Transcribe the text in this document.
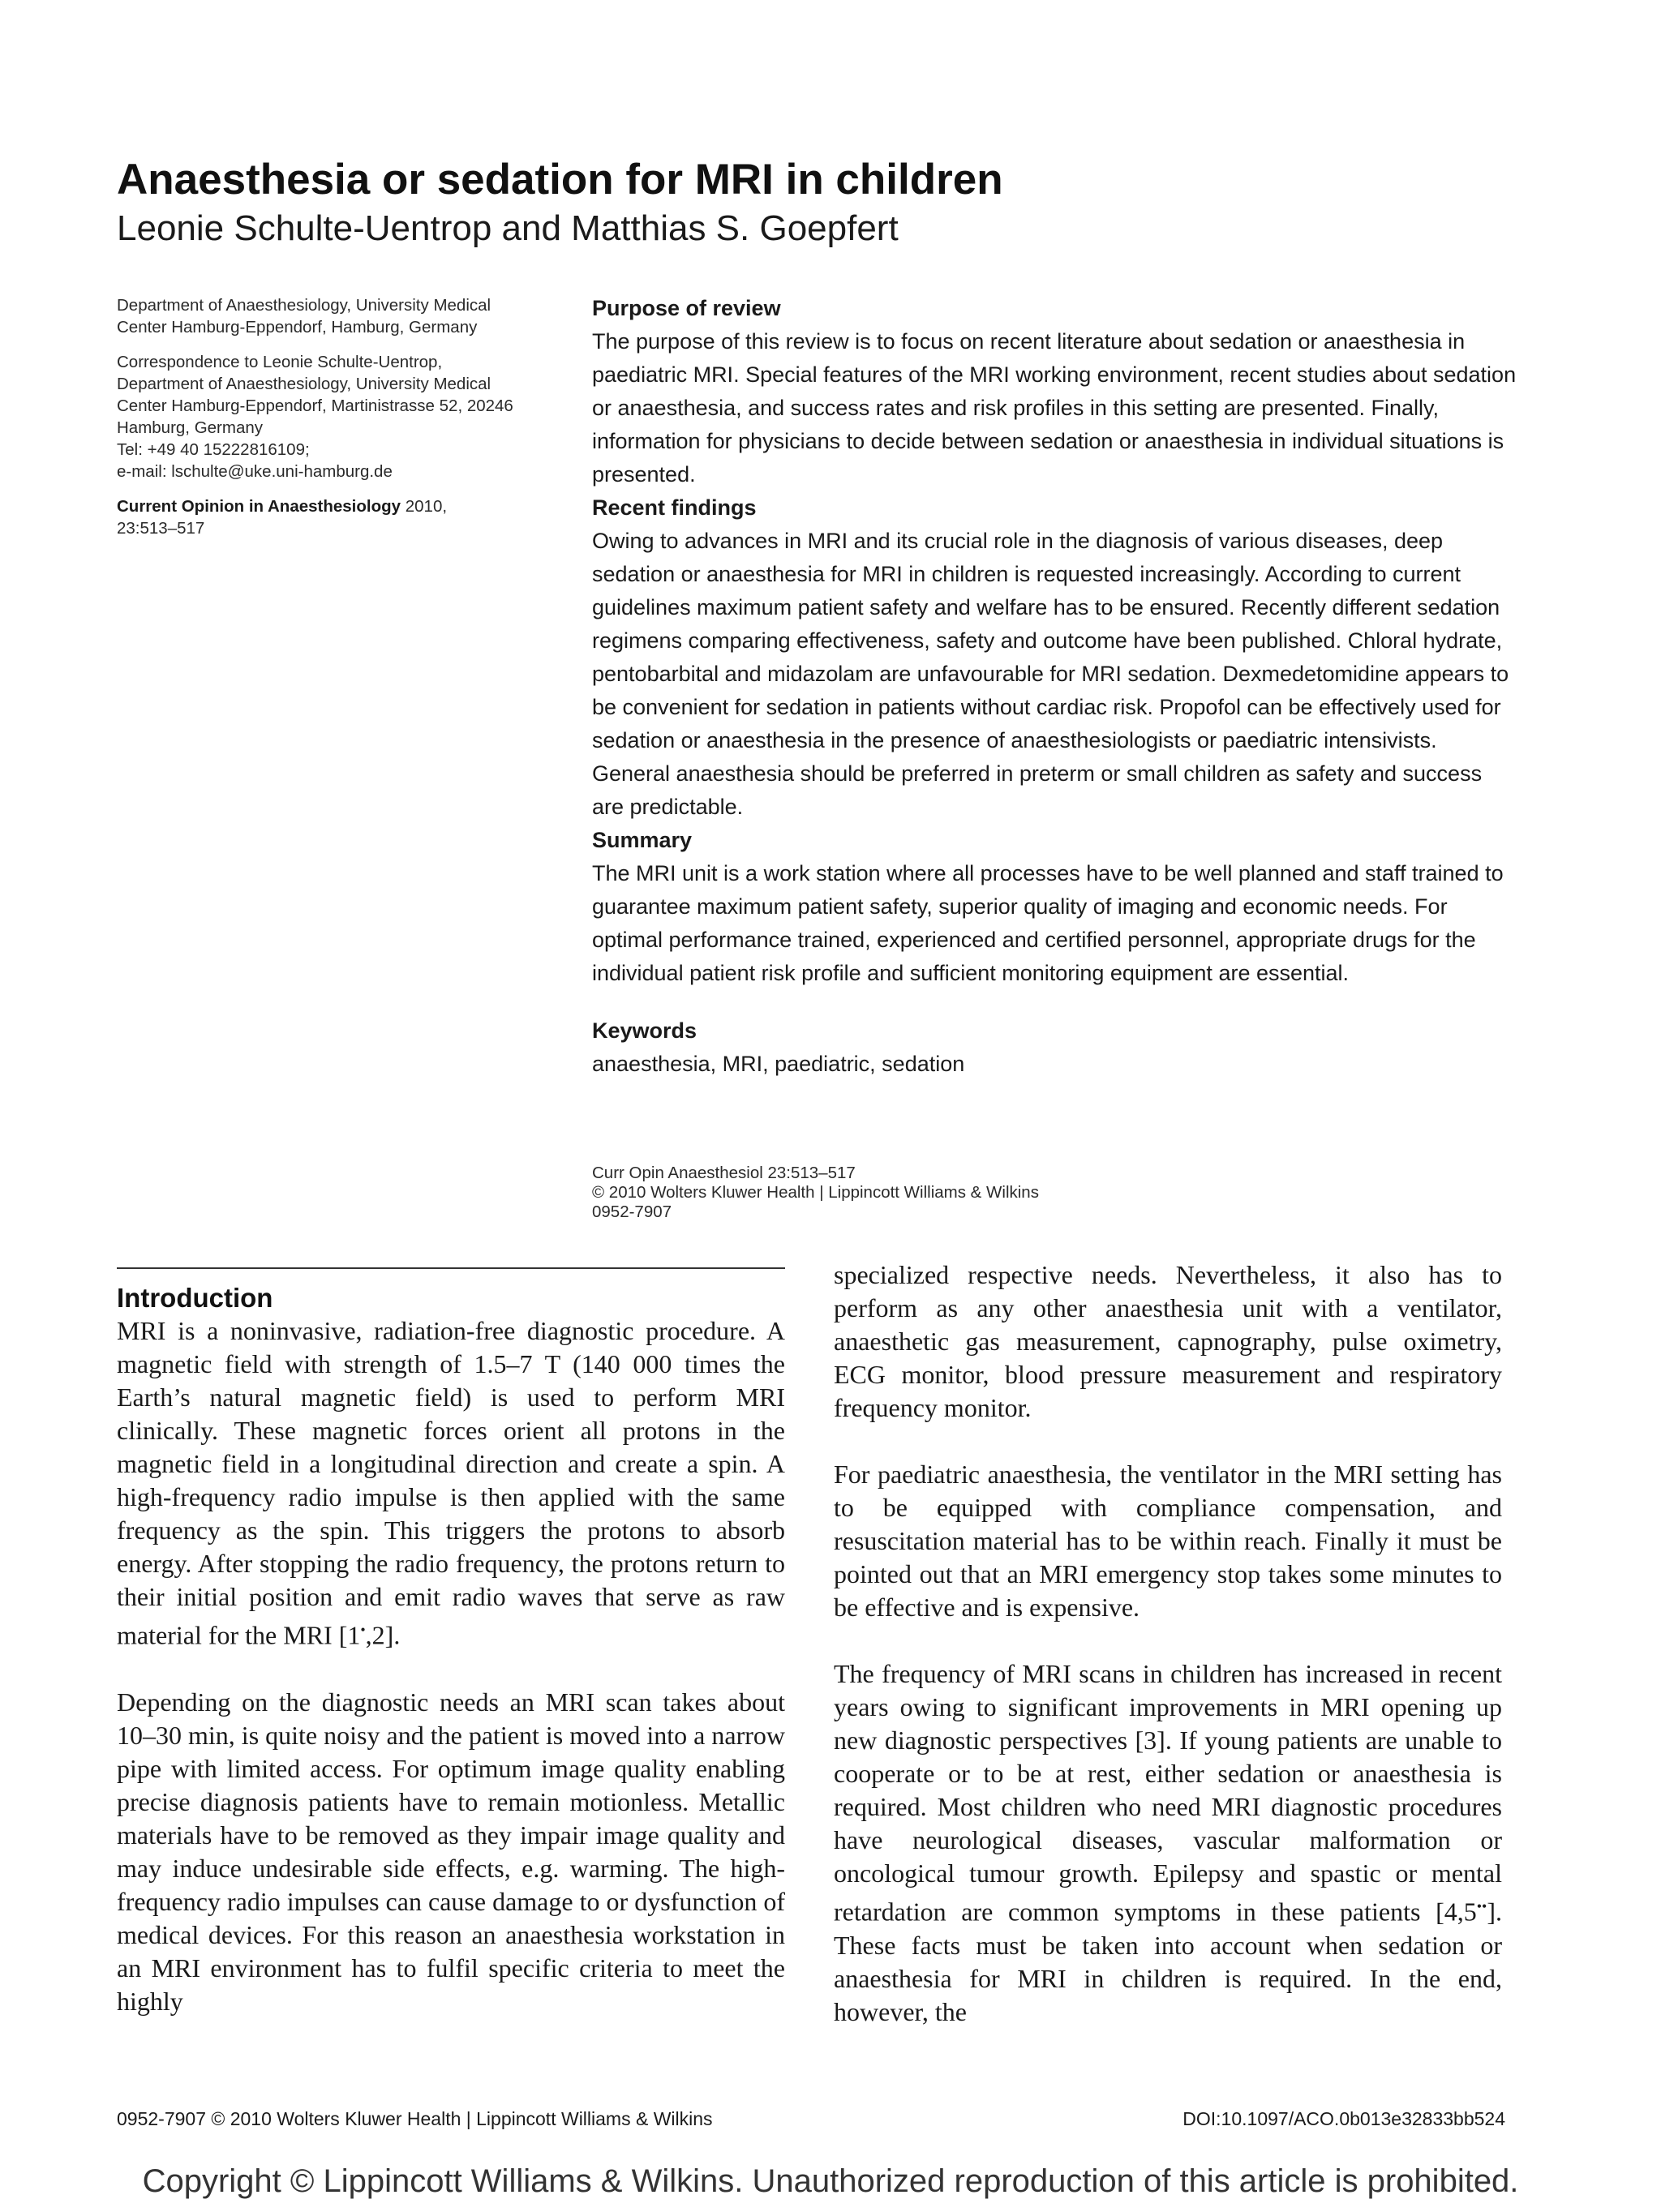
Anaesthesia or sedation for MRI in children

Leonie Schulte-Uentrop and Matthias S. Goepfert

Department of Anaesthesiology, University Medical
Center Hamburg-Eppendorf, Hamburg, Germany

Correspondence to Leonie Schulte-Uentrop,
Department of Anaesthesiology, University Medical
Center Hamburg-Eppendorf, Martinistrasse 52, 20246
Hamburg, Germany
Tel: +49 40 15222816109;
e-mail: lschulte@uke.uni-hamburg.de

Current Opinion in Anaesthesiology 2010,
23:513–517

Purpose of review

The purpose of this review is to focus on recent literature about sedation or anaesthesia in paediatric MRI. Special features of the MRI working environment, recent studies about sedation or anaesthesia, and success rates and risk profiles in this setting are presented. Finally, information for physicians to decide between sedation or anaesthesia in individual situations is presented.

Recent findings

Owing to advances in MRI and its crucial role in the diagnosis of various diseases, deep sedation or anaesthesia for MRI in children is requested increasingly. According to current guidelines maximum patient safety and welfare has to be ensured. Recently different sedation regimens comparing effectiveness, safety and outcome have been published. Chloral hydrate, pentobarbital and midazolam are unfavourable for MRI sedation. Dexmedetomidine appears to be convenient for sedation in patients without cardiac risk. Propofol can be effectively used for sedation or anaesthesia in the presence of anaesthesiologists or paediatric intensivists. General anaesthesia should be preferred in preterm or small children as safety and success are predictable.

Summary

The MRI unit is a work station where all processes have to be well planned and staff trained to guarantee maximum patient safety, superior quality of imaging and economic needs. For optimal performance trained, experienced and certified personnel, appropriate drugs for the individual patient risk profile and sufficient monitoring equipment are essential.

Keywords

anaesthesia, MRI, paediatric, sedation

Curr Opin Anaesthesiol 23:513–517
© 2010 Wolters Kluwer Health | Lippincott Williams & Wilkins
0952-7907
Introduction

MRI is a noninvasive, radiation-free diagnostic procedure. A magnetic field with strength of 1.5–7 T (140 000 times the Earth’s natural magnetic field) is used to perform MRI clinically. These magnetic forces orient all protons in the magnetic field in a longitudinal direction and create a spin. A high-frequency radio impulse is then applied with the same frequency as the spin. This triggers the protons to absorb energy. After stopping the radio frequency, the protons return to their initial position and emit radio waves that serve as raw material for the MRI [1•,2].

Depending on the diagnostic needs an MRI scan takes about 10–30 min, is quite noisy and the patient is moved into a narrow pipe with limited access. For optimum image quality enabling precise diagnosis patients have to remain motionless. Metallic materials have to be removed as they impair image quality and may induce undesirable side effects, e.g. warming. The high-frequency radio impulses can cause damage to or dysfunction of medical devices. For this reason an anaesthesia workstation in an MRI environment has to fulfil specific criteria to meet the highly

specialized respective needs. Nevertheless, it also has to perform as any other anaesthesia unit with a ventilator, anaesthetic gas measurement, capnography, pulse oximetry, ECG monitor, blood pressure measurement and respiratory frequency monitor.

For paediatric anaesthesia, the ventilator in the MRI setting has to be equipped with compliance compensation, and resuscitation material has to be within reach. Finally it must be pointed out that an MRI emergency stop takes some minutes to be effective and is expensive.

The frequency of MRI scans in children has increased in recent years owing to significant improvements in MRI opening up new diagnostic perspectives [3]. If young patients are unable to cooperate or to be at rest, either sedation or anaesthesia is required. Most children who need MRI diagnostic procedures have neurological diseases, vascular malformation or oncological tumour growth. Epilepsy and spastic or mental retardation are common symptoms in these patients [4,5••]. These facts must be taken into account when sedation or anaesthesia for MRI in children is required. In the end, however, the

0952-7907 © 2010 Wolters Kluwer Health | Lippincott Williams & Wilkins	DOI:10.1097/ACO.0b013e32833bb524
Copyright © Lippincott Williams & Wilkins. Unauthorized reproduction of this article is prohibited.
